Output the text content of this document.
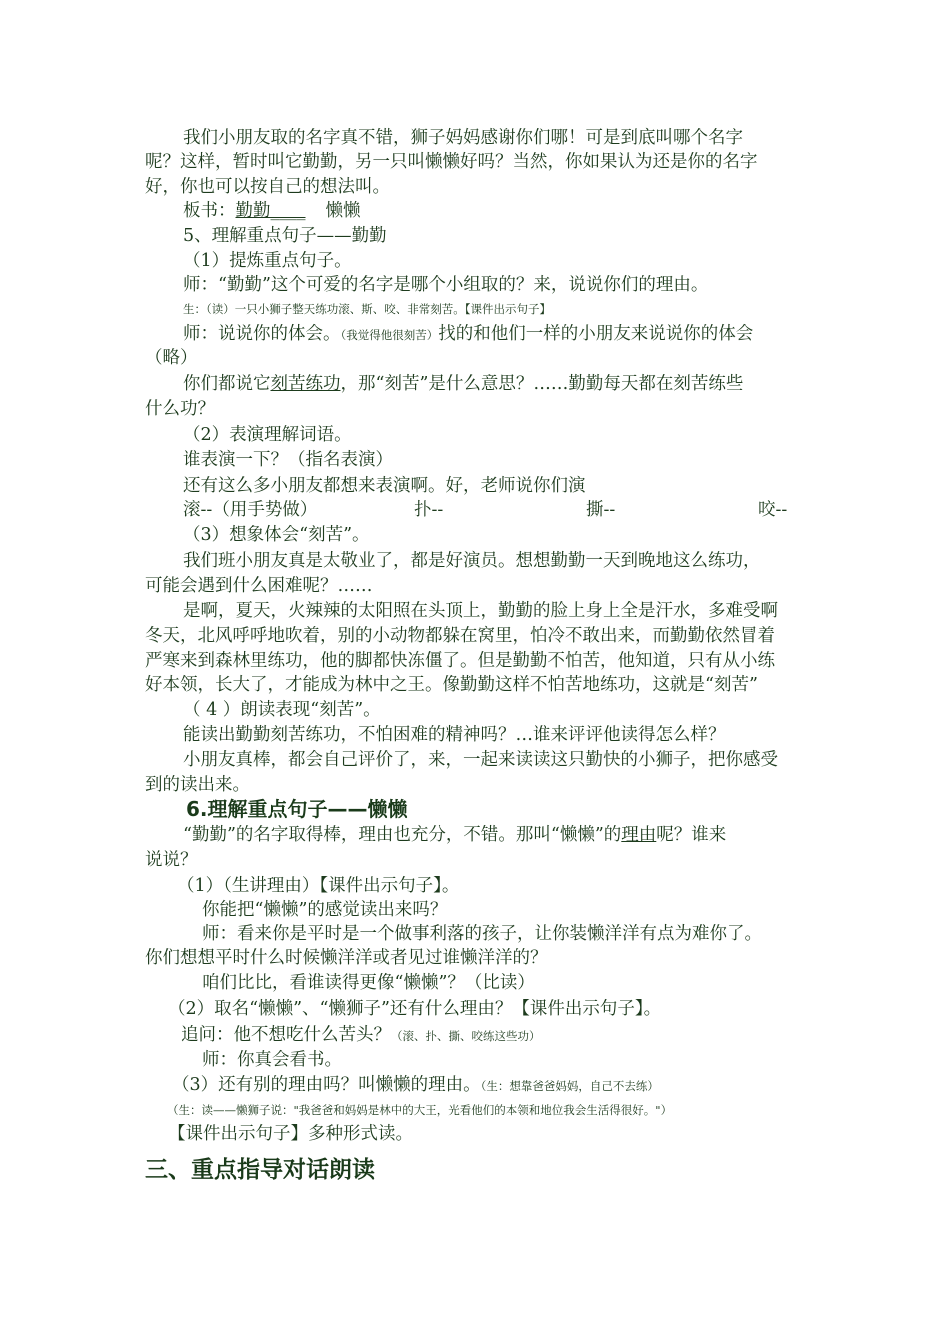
我们小朋友取的名字真不错，狮子妈妈感谢你们哪！可是到底叫哪个名字
呢？这样，暂时叫它勤勤，另一只叫懒懒好吗？当然，你如果认为还是你的名字
好，你也可以按自己的想法叫。
板书：勤勤____ 懒懒
5、理解重点句子——勤勤
（1）提炼重点句子。
师：“勤勤”这个可爱的名字是哪个小组取的？来，说说你们的理由。
生：（读）一只小狮子整天练功滚、斯、咬、非常刻苦。【课件出示句子】
师：说说你的体会。（我觉得他很刻苦）找的和他们一样的小朋友来说说你的体会
（略）
你们都说它刻苦练功，那“刻苦”是什么意思？……勤勤每天都在刻苦练些
什么功？
（2）表演理解词语。
谁表演一下？（指名表演）
还有这么多小朋友都想来表演啊。好，老师说你们演
滚--（用手势做）	扑--	撕--	咬--
（3）想象体会“刻苦”。
我们班小朋友真是太敬业了，都是好演员。想想勤勤一天到晚地这么练功，
可能会遇到什么困难呢？……
是啊，夏天，火辣辣的太阳照在头顶上，勤勤的脸上身上全是汗水，多难受啊
冬天，北风呼呼地吹着，别的小动物都躲在窝里，怕冷不敢出来，而勤勤依然冒着
严寒来到森林里练功，他的脚都快冻僵了。但是勤勤不怕苦，他知道，只有从小练
好本领，长大了，才能成为林中之王。像勤勤这样不怕苦地练功，这就是“刻苦”
（ 4 ）朗读表现“刻苦”。
能读出勤勤刻苦练功，不怕困难的精神吗？…谁来评评他读得怎么样？
小朋友真棒，都会自己评价了，来，一起来读读这只勤快的小狮子，把你感受
到的读出来。
6.理解重点句子——懒懒
“勤勤”的名字取得棒，理由也充分，不错。那叫“懒懒”的理由呢？谁来
说说？
（1）（生讲理由）【课件出示句子】。
你能把“懒懒”的感觉读出来吗？
师：看来你是平时是一个做事利落的孩子，让你装懒洋洋有点为难你了。
你们想想平时什么时候懒洋洋或者见过谁懒洋洋的？
咱们比比，看谁读得更像“懒懒”？（比读）
（2）取名“懒懒”、“懒狮子”还有什么理由？【课件出示句子】。
追问：他不想吃什么苦头？（滚、扑、撕、咬练这些功）
师：你真会看书。
（3）还有别的理由吗？叫懒懒的理由。（生：想靠爸爸妈妈，自己不去练）
（生：读——懒狮子说："我爸爸和妈妈是林中的大王，光看他们的本领和地位我会生活得很好。"）
【课件出示句子】多种形式读。
三、重点指导对话朗读
